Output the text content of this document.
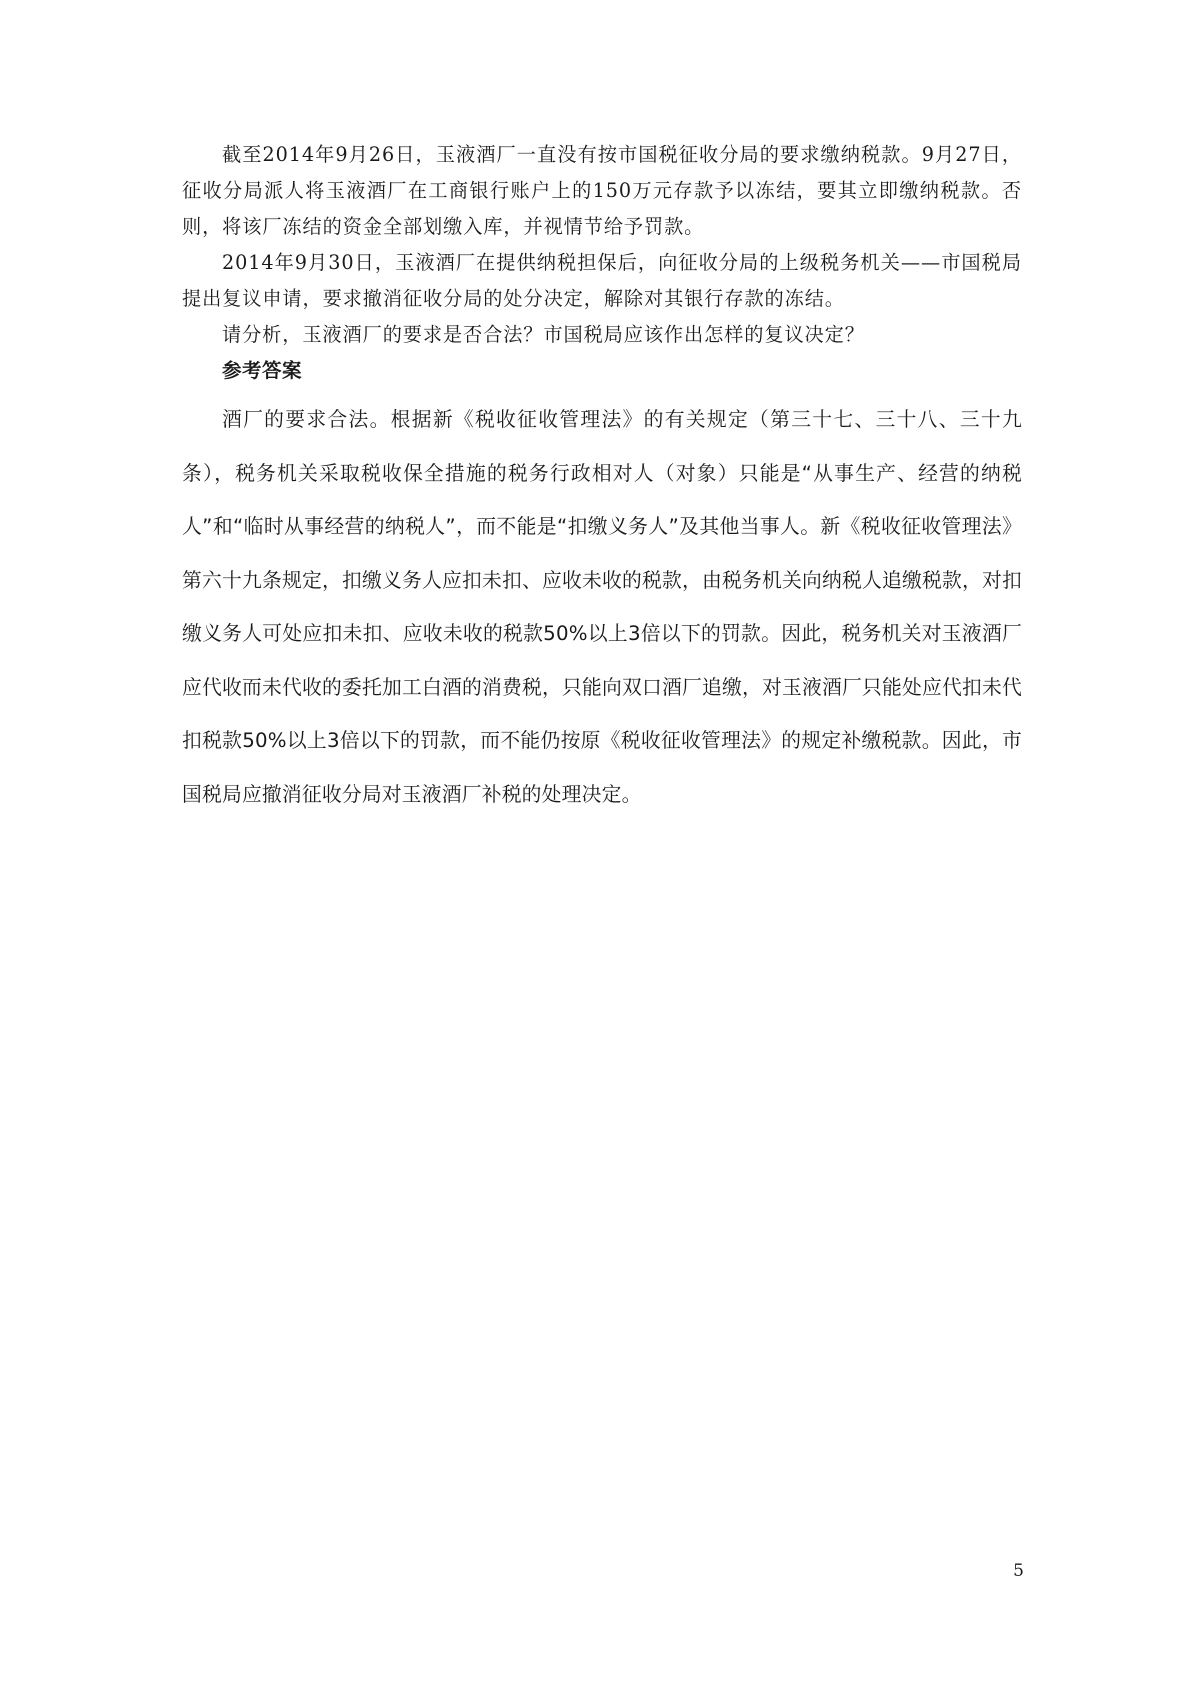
截至2014年9月26日，玉液酒厂一直没有按市国税征收分局的要求缴纳税款。9月27日，征收分局派人将玉液酒厂在工商银行账户上的150万元存款予以冻结，要其立即缴纳税款。否则，将该厂冻结的资金全部划缴入库，并视情节给予罚款。

2014年9月30日，玉液酒厂在提供纳税担保后，向征收分局的上级税务机关——市国税局提出复议申请，要求撤消征收分局的处分决定，解除对其银行存款的冻结。

请分析，玉液酒厂的要求是否合法？市国税局应该作出怎样的复议决定？

参考答案

酒厂的要求合法。根据新《税收征收管理法》的有关规定（第三十七、三十八、三十九条），税务机关采取税收保全措施的税务行政相对人（对象）只能是“从事生产、经营的纳税人”和“临时从事经营的纳税人”，而不能是“扣缴义务人”及其他当事人。新《税收征收管理法》第六十九条规定，扣缴义务人应扣未扣、应收未收的税款，由税务机关向纳税人追缴税款，对扣缴义务人可处应扣未扣、应收未收的税款50%以上3倍以下的罚款。因此，税务机关对玉液酒厂应代收而未代收的委托加工白酒的消费税，只能向双口酒厂追缴，对玉液酒厂只能处应代扣未代扣税款50%以上3倍以下的罚款，而不能仍按原《税收征收管理法》的规定补缴税款。因此，市国税局应撤消征收分局对玉液酒厂补税的处理决定。

5
